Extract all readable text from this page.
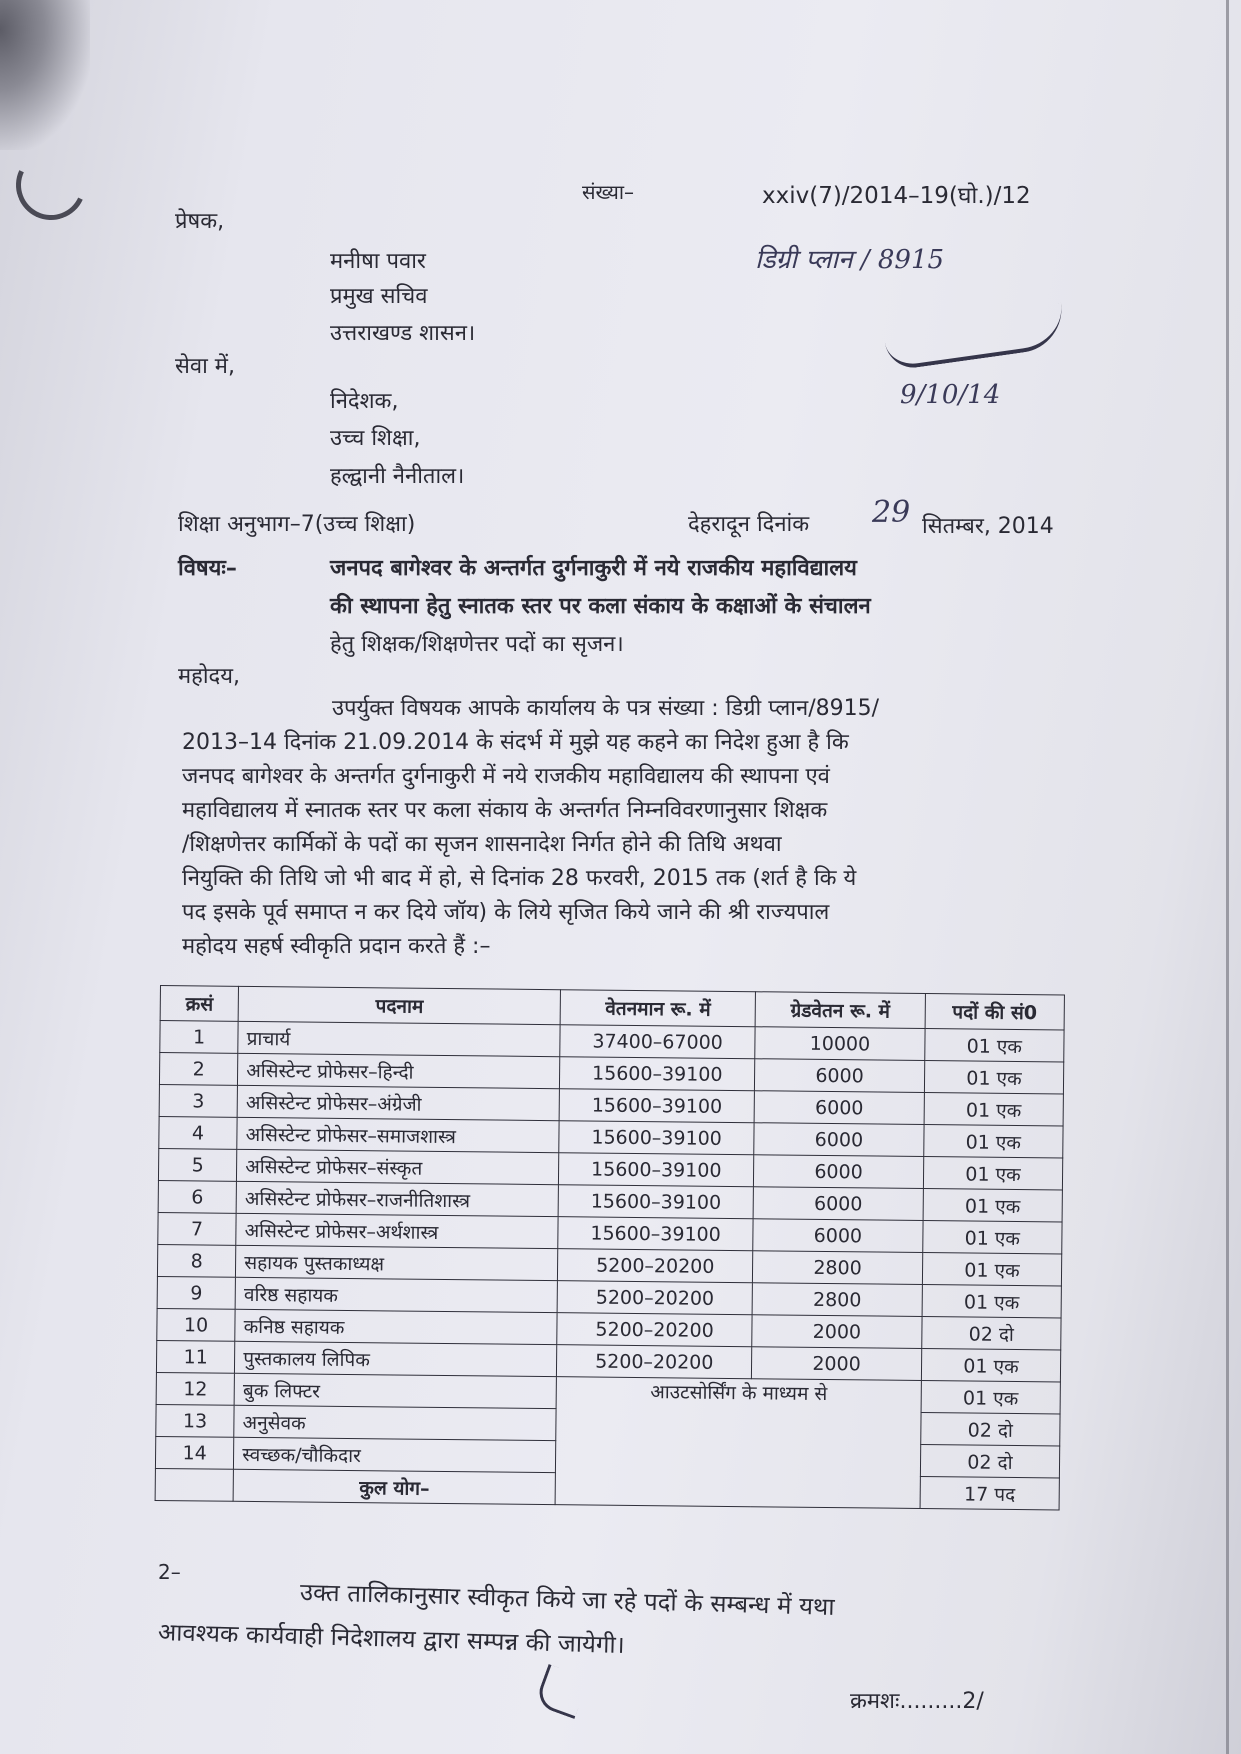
संख्या–	xxiv(7)/2014–19(घो.)/12
प्रेषक,
मनीषा पवार
प्रमुख सचिव
उत्तराखण्ड शासन।
डिग्री प्लान / 8915
9/10/14
सेवा में,
निदेशक,
उच्च शिक्षा,
हल्द्वानी नैनीताल।
शिक्षा अनुभाग–7(उच्च शिक्षा)	देहरादून दिनांक 29 सितम्बर, 2014
विषयः–	जनपद बागेश्वर के अन्तर्गत दुर्गनाकुरी में नये राजकीय महाविद्यालय
की स्थापना हेतु स्नातक स्तर पर कला संकाय के कक्षाओं के संचालन
हेतु शिक्षक/शिक्षणेत्तर पदों का सृजन।
महोदय,
उपर्युक्त विषयक आपके कार्यालय के पत्र संख्या : डिग्री प्लान/8915/
2013–14 दिनांक 21.09.2014 के संदर्भ में मुझे यह कहने का निदेश हुआ है कि
जनपद बागेश्वर के अन्तर्गत दुर्गनाकुरी में नये राजकीय महाविद्यालय की स्थापना एवं
महाविद्यालय में स्नातक स्तर पर कला संकाय के अन्तर्गत निम्नविवरणानुसार शिक्षक
/शिक्षणेत्तर कार्मिकों के पदों का सृजन शासनादेश निर्गत होने की तिथि अथवा
नियुक्ति की तिथि जो भी बाद में हो, से दिनांक 28 फरवरी, 2015 तक (शर्त है कि ये
पद इसके पूर्व समाप्त न कर दिये जॉय) के लिये सृजित किये जाने की श्री राज्यपाल
महोदय सहर्ष स्वीकृति प्रदान करते हैं :–
क्रसं	पदनाम	वेतनमान रू. में	ग्रेडवेतन रू. में	पदों की सं0
1	प्राचार्य	37400–67000	10000	01 एक
2	असिस्टेन्ट प्रोफेसर–हिन्दी	15600–39100	6000	01 एक
3	असिस्टेन्ट प्रोफेसर–अंग्रेजी	15600–39100	6000	01 एक
4	असिस्टेन्ट प्रोफेसर–समाजशास्त्र	15600–39100	6000	01 एक
5	असिस्टेन्ट प्रोफेसर–संस्कृत	15600–39100	6000	01 एक
6	असिस्टेन्ट प्रोफेसर–राजनीतिशास्त्र	15600–39100	6000	01 एक
7	असिस्टेन्ट प्रोफेसर–अर्थशास्त्र	15600–39100	6000	01 एक
8	सहायक पुस्तकाध्यक्ष	5200–20200	2800	01 एक
9	वरिष्ठ सहायक	5200–20200	2800	01 एक
10	कनिष्ठ सहायक	5200–20200	2000	02 दो
11	पुस्तकालय लिपिक	5200–20200	2000	01 एक
12	बुक लिफ्टर	आउटसोर्सिंग के माध्यम से		01 एक
13	अनुसेवक			02 दो
14	स्वच्छक/चौकिदार			02 दो
	कुल योग–			17 पद
2–
उक्त तालिकानुसार स्वीकृत किये जा रहे पदों के सम्बन्ध में यथा
आवश्यक कार्यवाही निदेशालय द्वारा सम्पन्न की जायेगी।
क्रमशः.........2/
